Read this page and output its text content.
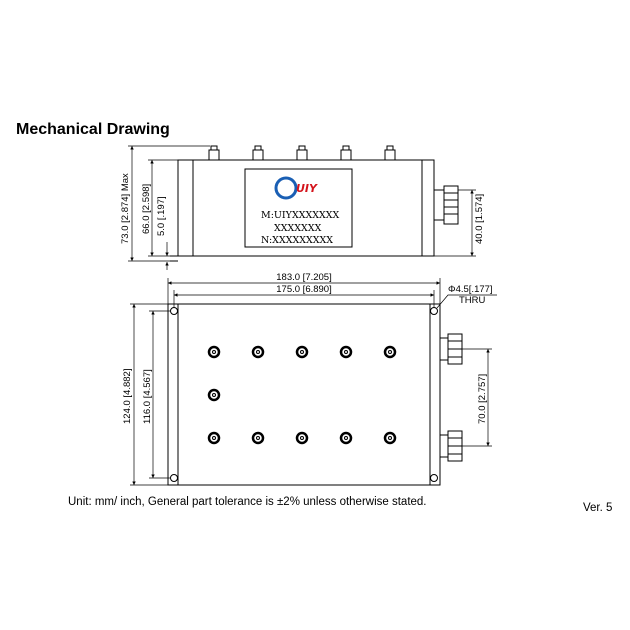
Mechanical Drawing
UIY
M:UIYXXXXXXX
XXXXXXX
N:XXXXXXXXX
73.0 [2.874] Max 66.0 [2.598] 5.0 [.197]	40.0 [1.574]
183.0 [7.205]
175.0 [6.890]	Φ4.5[.177]
THRU
124.0 [4.882] 116.0 [4.567]	70.0 [2.757]
Unit: mm/ inch, General part tolerance is ±2% unless otherwise stated.	Ver. 5
